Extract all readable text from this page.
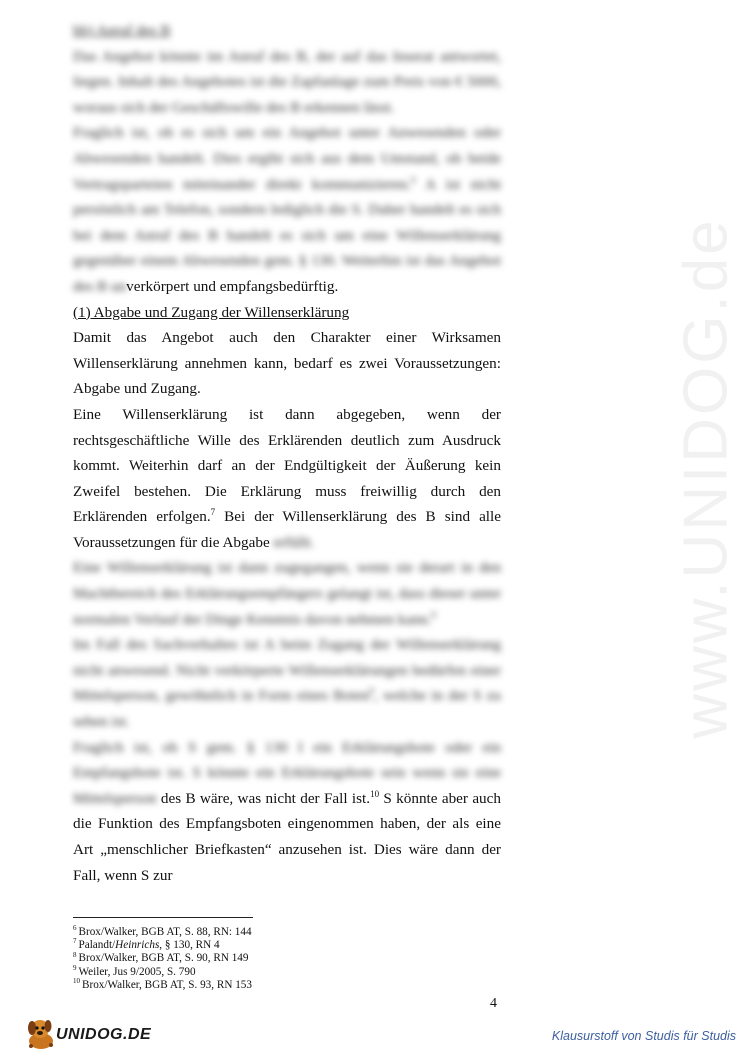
www.UNIDOG.de

bb) Anruf des B

Das Angebot könnte im Anruf des B, der auf das Inserat antwortet, liegen. Inhalt des Angebotes ist die Zapfanlage zum Preis von € 5000, woraus sich der Geschäftswille des B erkennen lässt.

Fraglich ist, ob es sich um ein Angebot unter Anwesenden oder Abwesenden handelt. Dies ergibt sich aus dem Umstand, ob beide Vertragsparteien miteinander direkt kommunizieren.$^6$ A ist nicht persönlich am Telefon, sondern lediglich die S. Daher handelt es sich bei dem Anruf des B handelt es sich um eine Willenserklärung gegenüber einem Abwesenden gem. § 130. Weiterhin ist das Angebot des B unverkörpert und empfangsbedürftig.

(1) Abgabe und Zugang der Willenserklärung

Damit das Angebot auch den Charakter einer Wirksamen Willenserklärung annehmen kann, bedarf es zwei Voraussetzungen: Abgabe und Zugang.

Eine Willenserklärung ist dann abgegeben, wenn der rechtsgeschäftliche Wille des Erklärenden deutlich zum Ausdruck kommt. Weiterhin darf an der Endgültigkeit der Äußerung kein Zweifel bestehen. Die Erklärung muss freiwillig durch den Erklärenden erfolgen.$^7$ Bei der Willenserklärung des B sind alle Voraussetzungen für die Abgabe erfüllt.

Eine Willenserklärung ist dann zugegangen, wenn sie derart in den Machtbereich des Erklärungsempfängers gelangt ist, dass dieser unter normalen Verlauf der Dinge Kenntnis davon nehmen kann.$^8$

Im Fall des Sachverhaltes ist A beim Zugang der Willenserklärung nicht anwesend. Nicht verkörperte Willenserklärungen bedürfen einer Mittelsperson, gewöhnlich in Form eines Boten$^9$, welche in der S zu sehen ist.

Fraglich ist, ob S gem. § 130 I ein Erklärungsbote oder ein Empfangsbote ist. S könnte ein Erklärungsbote sein wenn sie eine Mittelsperson des B wäre, was nicht der Fall ist.$^{10}$ S könnte aber auch die Funktion des Empfangsboten eingenommen haben, der als eine Art „menschlicher Briefkasten“ anzusehen ist. Dies wäre dann der Fall, wenn S zur

$^6$ Brox/Walker, BGB AT, S. 88, RN: 144
$^7$ Palandt/Heinrichs, § 130, RN 4
$^8$ Brox/Walker, BGB AT, S. 90, RN 149
$^9$ Weiler, Jus 9/2005, S. 790
$^{10}$ Brox/Walker, BGB AT, S. 93, RN 153
4
UNIDOG.DE	Klausurstoff von Studis für Studis
